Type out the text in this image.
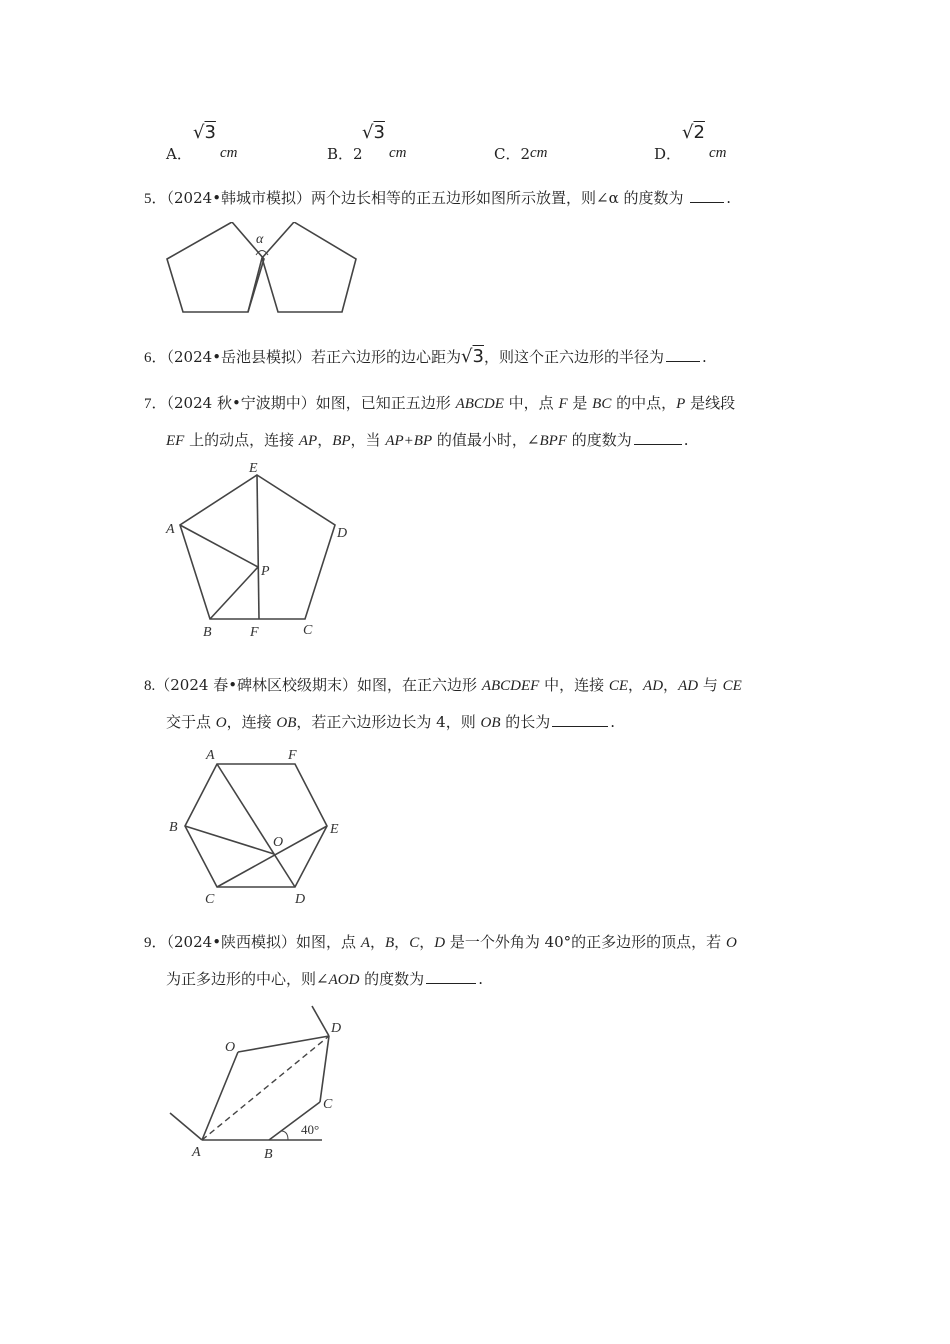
A．
√3
cm	B．2
√3
cm	C．2 cm	D．
√2
cm
5．（2024•韩城市模拟）两个边长相等的正五边形如图所示放置，则∠α 的度数为	.
α
6．（2024•岳池县模拟）若正六边形的边心距为√3，则这个正六边形的半径为	.
7．（2024 秋•宁波期中）如图，已知正五边形 ABCDE 中，点 F 是 BC 的中点，P 是线段
EF 上的动点，连接 AP，BP，当 AP+BP 的值最小时，∠BPF 的度数为	.
E
A	D
P
B	F	C
8.（2024 春•碑林区校级期末）如图，在正六边形 ABCDEF 中，连接 CE，AD，AD 与 CE
交于点 O，连接 OB，若正六边形边长为 4，则 OB 的长为	.
A	F
B
O
E
C	D
9．（2024•陕西模拟）如图，点 A，B，C，D 是一个外角为 40°的正多边形的顶点，若 O
为正多边形的中心，则∠AOD 的度数为	.
O
D
C
A	B
40°
